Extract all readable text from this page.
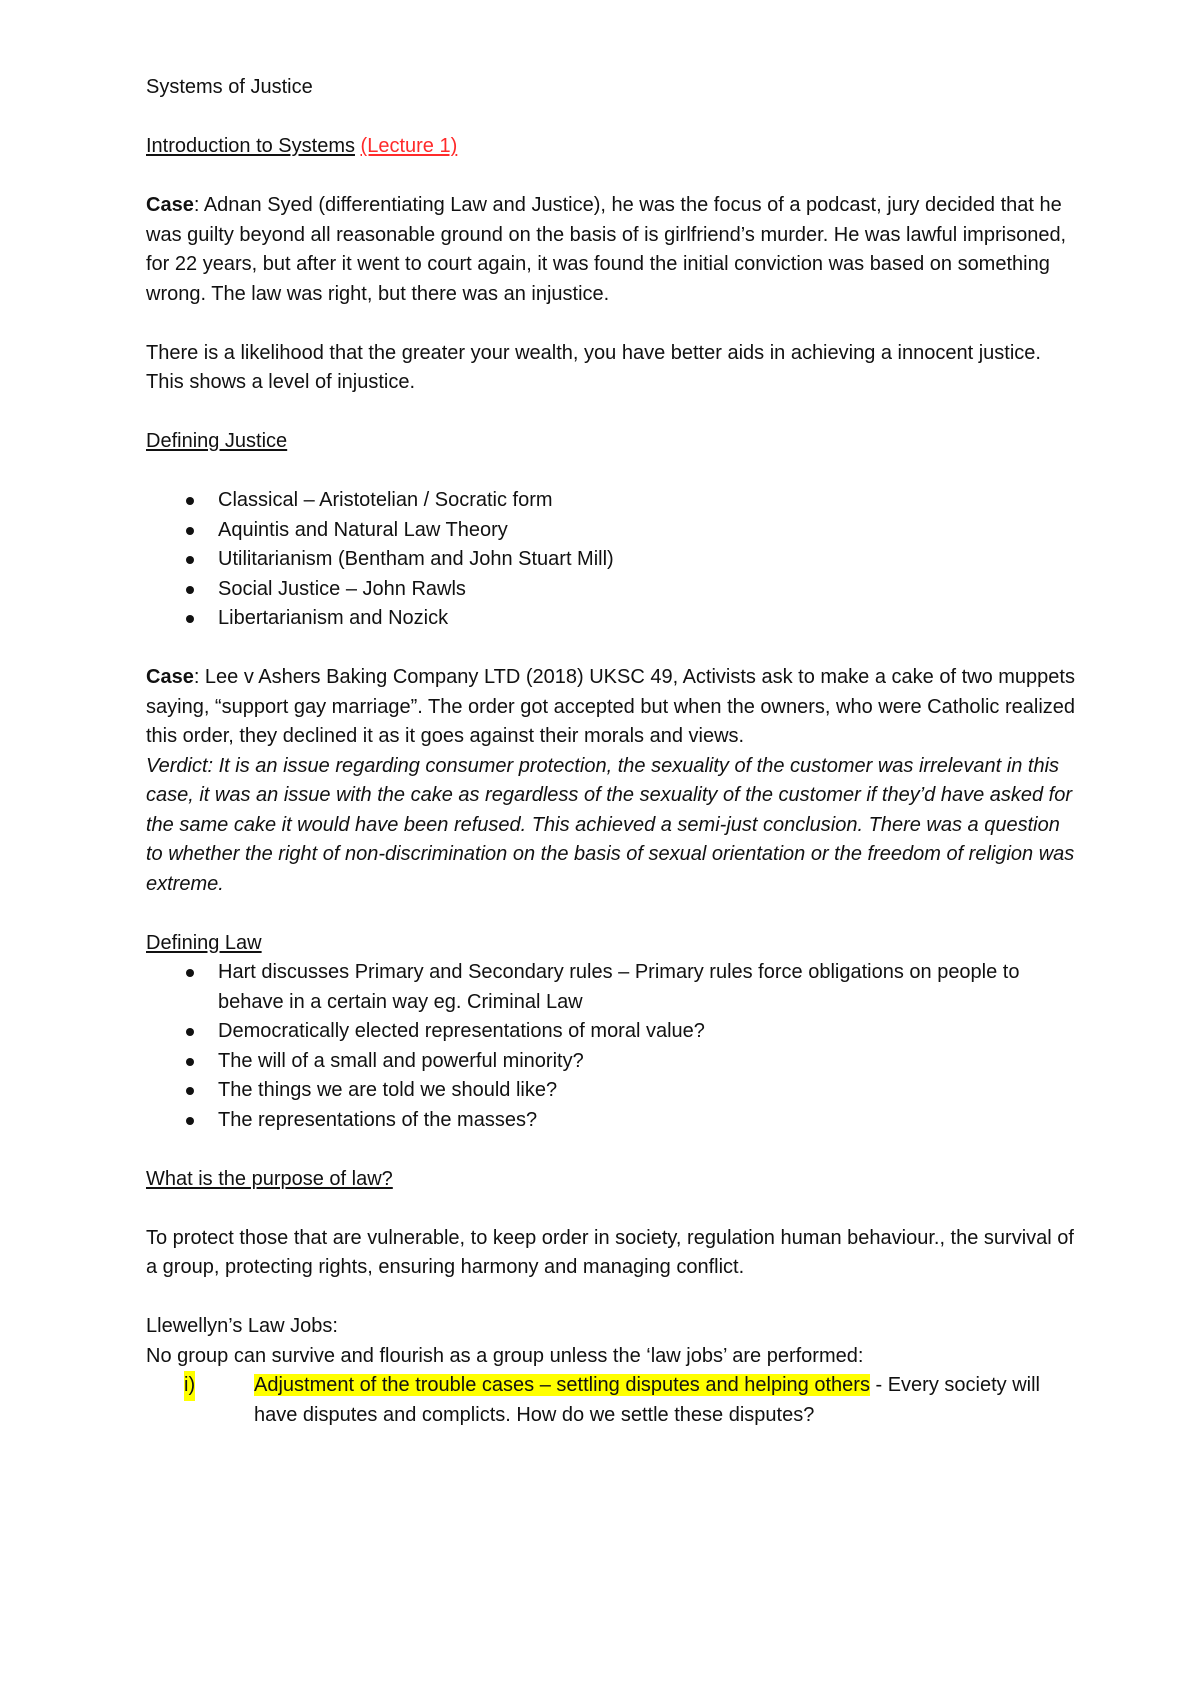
Systems of Justice

Introduction to Systems (Lecture 1)

Case: Adnan Syed (differentiating Law and Justice), he was the focus of a podcast, jury decided that he was guilty beyond all reasonable ground on the basis of is girlfriend’s murder. He was lawful imprisoned, for 22 years, but after it went to court again, it was found the initial conviction was based on something wrong. The law was right, but there was an injustice.

There is a likelihood that the greater your wealth, you have better aids in achieving a innocent justice. This shows a level of injustice.

Defining Justice

Classical – Aristotelian / Socratic form
Aquintis and Natural Law Theory
Utilitarianism (Bentham and John Stuart Mill)
Social Justice – John Rawls
Libertarianism and Nozick

Case: Lee v Ashers Baking Company LTD (2018) UKSC 49, Activists ask to make a cake of two muppets saying, “support gay marriage”. The order got accepted but when the owners, who were Catholic realized this order, they declined it as it goes against their morals and views.

Verdict: It is an issue regarding consumer protection, the sexuality of the customer was irrelevant in this case, it was an issue with the cake as regardless of the sexuality of the customer if they’d have asked for the same cake it would have been refused. This achieved a semi-just conclusion. There was a question to whether the right of non-discrimination on the basis of sexual orientation or the freedom of religion was extreme.

Defining Law

Hart discusses Primary and Secondary rules – Primary rules force obligations on people to behave in a certain way eg. Criminal Law
Democratically elected representations of moral value?
The will of a small and powerful minority?
The things we are told we should like?
The representations of the masses?

What is the purpose of law?

To protect those that are vulnerable, to keep order in society, regulation human behaviour., the survival of a group, protecting rights, ensuring harmony and managing conflict.

Llewellyn’s Law Jobs:

No group can survive and flourish as a group unless the ‘law jobs’ are performed:

i)	Adjustment of the trouble cases – settling disputes and helping others - Every society will have disputes and complicts. How do we settle these disputes?
